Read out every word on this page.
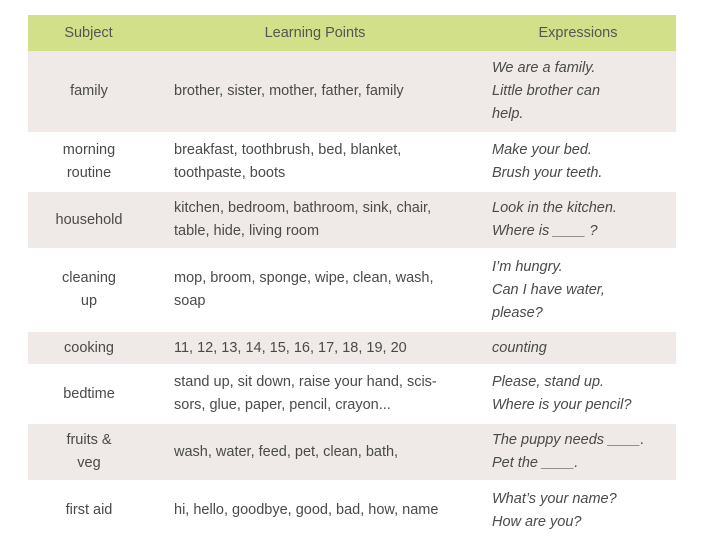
Subject	Learning Points	Expressions

family	brother, sister, mother, father, family	We are a family.
Little brother can
help.

morning
routine	breakfast, toothbrush, bed, blanket,
toothpaste, boots	Make your bed.
Brush your teeth.

household	kitchen, bedroom, bathroom, sink, chair,
table, hide, living room	Look in the kitchen.
Where is ____ ?

cleaning
up	mop, broom, sponge, wipe, clean, wash,
soap	I’m hungry.
Can I have water,
please?

cooking	11, 12, 13, 14, 15, 16, 17, 18, 19, 20	counting

bedtime	stand up, sit down, raise your hand, scis-
sors, glue, paper, pencil, crayon...	Please, stand up.
Where is your pencil?

fruits &
veg	wash, water, feed, pet, clean, bath,	The puppy needs ____.
Pet the ____.

first aid	hi, hello, goodbye, good, bad, how, name	What’s your name?
How are you?
